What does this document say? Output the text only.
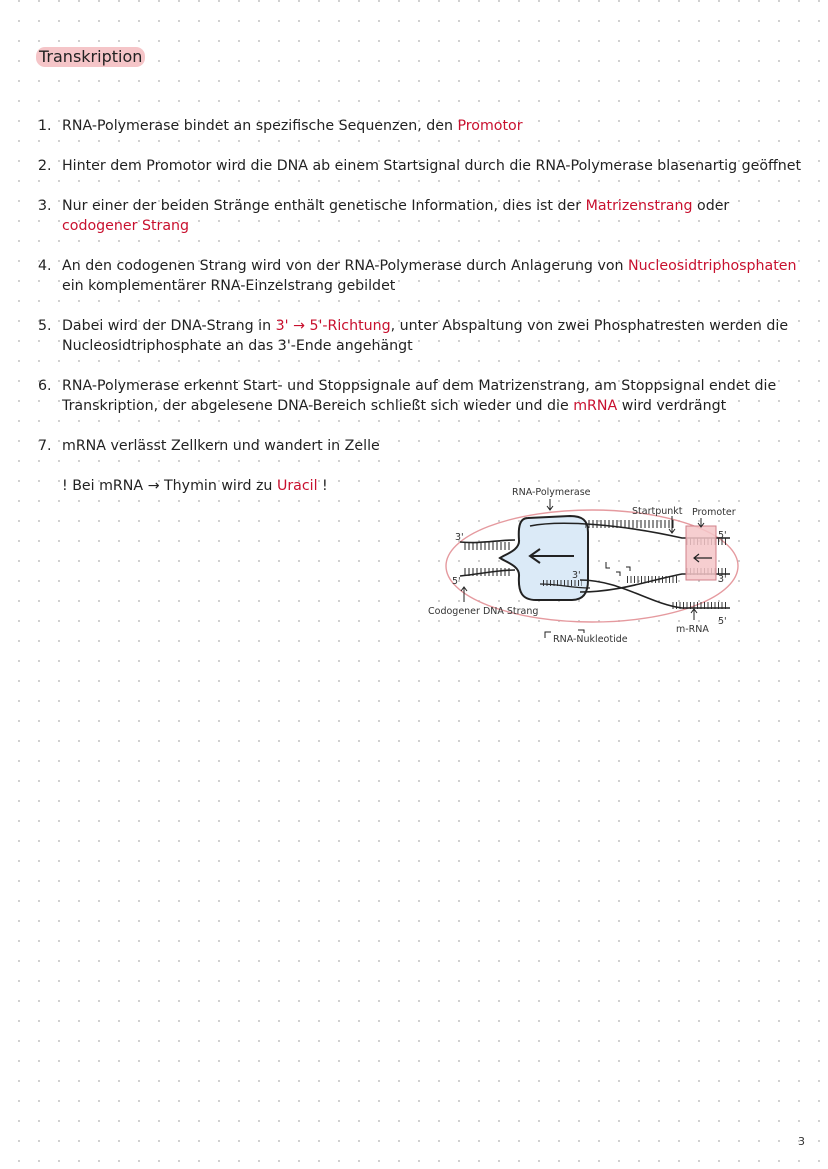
Transkription
1. RNA-Polymerase bindet an spezifische Sequenzen, den Promotor
2. Hinter dem Promotor wird die DNA ab einem Startsignal durch die RNA-Polymerase blasenartig geöffnet
3. Nur einer der beiden Stränge enthält genetische Information, dies ist der Matrizenstrang oder codogener Strang
4. An den codogenen Strang wird von der RNA-Polymerase durch Anlagerung von Nucleosidtriphosphaten ein komplementärer RNA-Einzelstrang gebildet
5. Dabei wird der DNA-Strang in 3' → 5'-Richtung, unter Abspaltung von zwei Phosphatresten werden die Nucleosidtriphosphate an das 3'-Ende angehängt
6. RNA-Polymerase erkennt Start- und Stoppsignale auf dem Matrizenstrang, am Stoppsignal endet die Transkription, der abgelesene DNA-Bereich schließt sich wieder und die mRNA wird verdrängt
7. mRNA verlässt Zellkern und wandert in Zelle
! Bei mRNA → Thymin wird zu Uracil !	RNA-Polymerase
Startpunkt Promoter
Codogener DNA Strang
RNA-Nukleotide
m-RNA
3'
5'
5'
3'
3'
5'
3
